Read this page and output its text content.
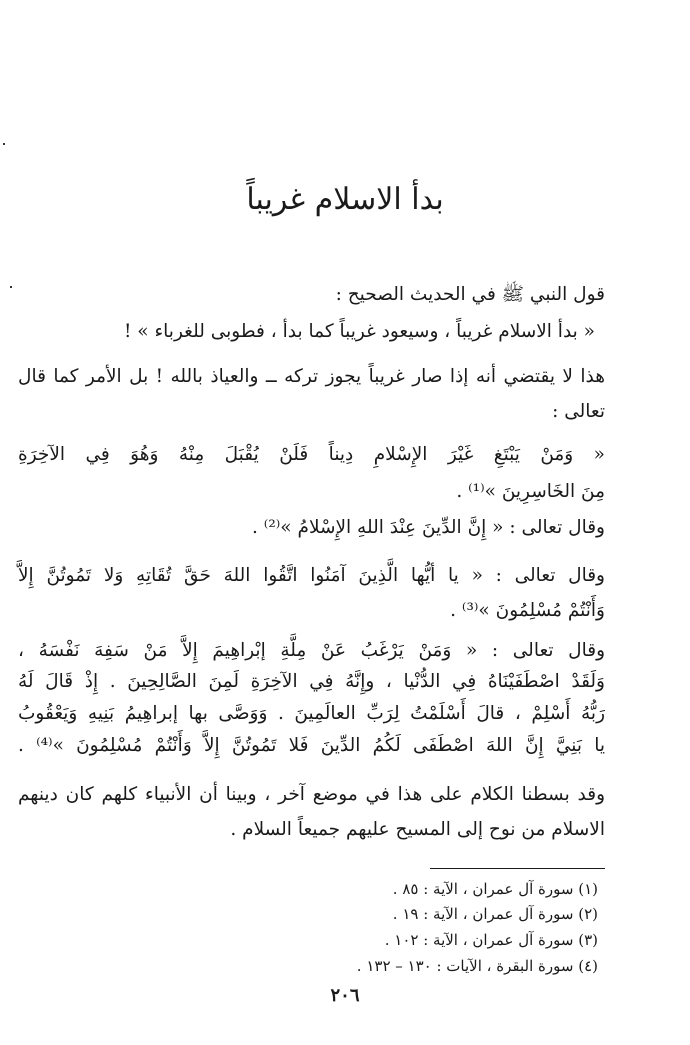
بدأ الاسلام غريباً
قول النبي ﷺ في الحديث الصحيح :
« بدأ الاسلام غريباً ، وسيعود غريباً كما بدأ ، فطوبى للغرباء » !
هذا لا يقتضي أنه إذا صار غريباً يجوز تركه ــ والعياذ بالله ! بل الأمر كما قال
تعالى :
« وَمَنْ يَبْتَغِ غَيْرَ الإِسْلامِ دِيناً فَلَنْ يُقْبَلَ مِنْهُ وَهُوَ فِي الآخِرَةِ
مِنَ الخَاسِرِينَ »⁽¹⁾ .
وقال تعالى : « إِنَّ الدِّينَ عِنْدَ اللهِ الإِسْلامُ »⁽²⁾ .
وقال تعالى : « يا أيُّها الَّذِينَ آمَنُوا اتَّقُوا اللهَ حَقَّ تُقَاتِهِ وَلا تَمُوتُنَّ إِلاَّ
وَأَنْتُمْ مُسْلِمُونَ »⁽³⁾ .
وقال تعالى : « وَمَنْ يَرْغَبُ عَنْ مِلَّةِ إبْراهِيمَ إِلاَّ مَنْ سَفِهَ نَفْسَهُ ،
وَلَقَدْ اصْطَفَيْنَاهُ فِي الدُّنْيا ، وإِنَّهُ فِي الآخِرَةِ لَمِنَ الصَّالِحِينَ . إِذْ قَالَ لَهُ
رَبُّهُ أَسْلِمْ ، قالَ أَسْلَمْتُ لِرَبِّ العالَمِينَ . وَوَصَّى بها إبراهِيمُ بَنِيهِ وَيَعْقُوبُ
يا بَنِيَّ إِنَّ اللهَ اصْطَفَى لَكُمُ الدِّينَ فَلا تَمُوتُنَّ إِلاَّ وَأَنْتُمْ مُسْلِمُونَ »⁽⁴⁾ .
وقد بسطنا الكلام على هذا في موضع آخر ، وبينا أن الأنبياء كلهم كان دينهم
الاسلام من نوح إلى المسيح عليهم جميعاً السلام .
(١) سورة آل عمران ، الآية : ٨٥ .
(٢) سورة آل عمران ، الآية : ١٩ .
(٣) سورة آل عمران ، الآية : ١٠٢ .
(٤) سورة البقرة ، الآيات : ١٣٠ – ١٣٢ .
٢٠٦
